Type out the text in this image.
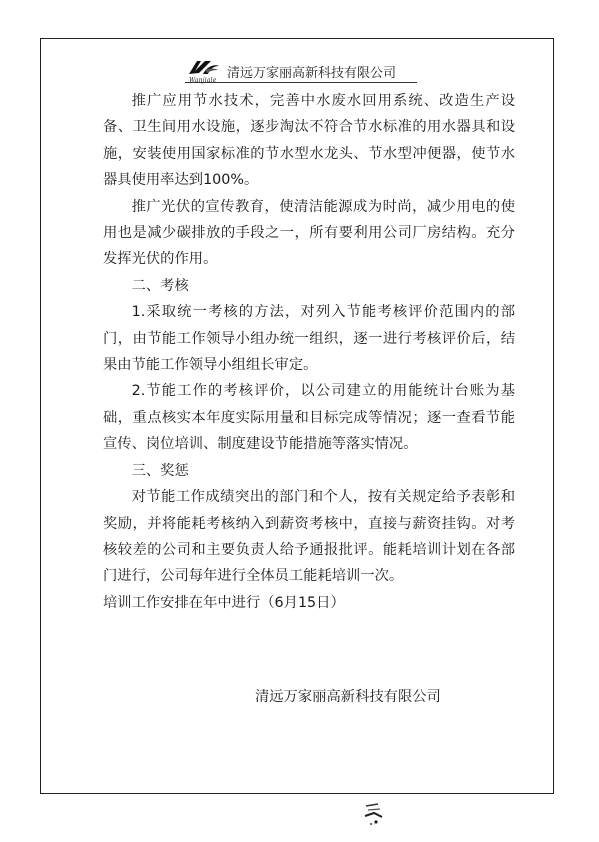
Wanjiale 清远万家丽高新科技有限公司

推广应用节水技术，完善中水废水回用系统、改造生产设备、卫生间用水设施，逐步淘汰不符合节水标准的用水器具和设施，安装使用国家标准的节水型水龙头、节水型冲便器，使节水器具使用率达到100%。

推广光伏的宣传教育，使清洁能源成为时尚，减少用电的使用也是减少碳排放的手段之一，所有要利用公司厂房结构。充分发挥光伏的作用。

二、考核

1.采取统一考核的方法，对列入节能考核评价范围内的部门，由节能工作领导小组办统一组织，逐一进行考核评价后，结果由节能工作领导小组组长审定。

2.节能工作的考核评价，以公司建立的用能统计台账为基础，重点核实本年度实际用量和目标完成等情况；逐一查看节能宣传、岗位培训、制度建设节能措施等落实情况。

三、奖惩

对节能工作成绩突出的部门和个人，按有关规定给予表彰和奖励，并将能耗考核纳入到薪资考核中，直接与薪资挂钩。对考核较差的公司和主要负责人给予通报批评。能耗培训计划在各部门进行，公司每年进行全体员工能耗培训一次。

培训工作安排在年中进行（6月15日）

清远万家丽高新科技有限公司
